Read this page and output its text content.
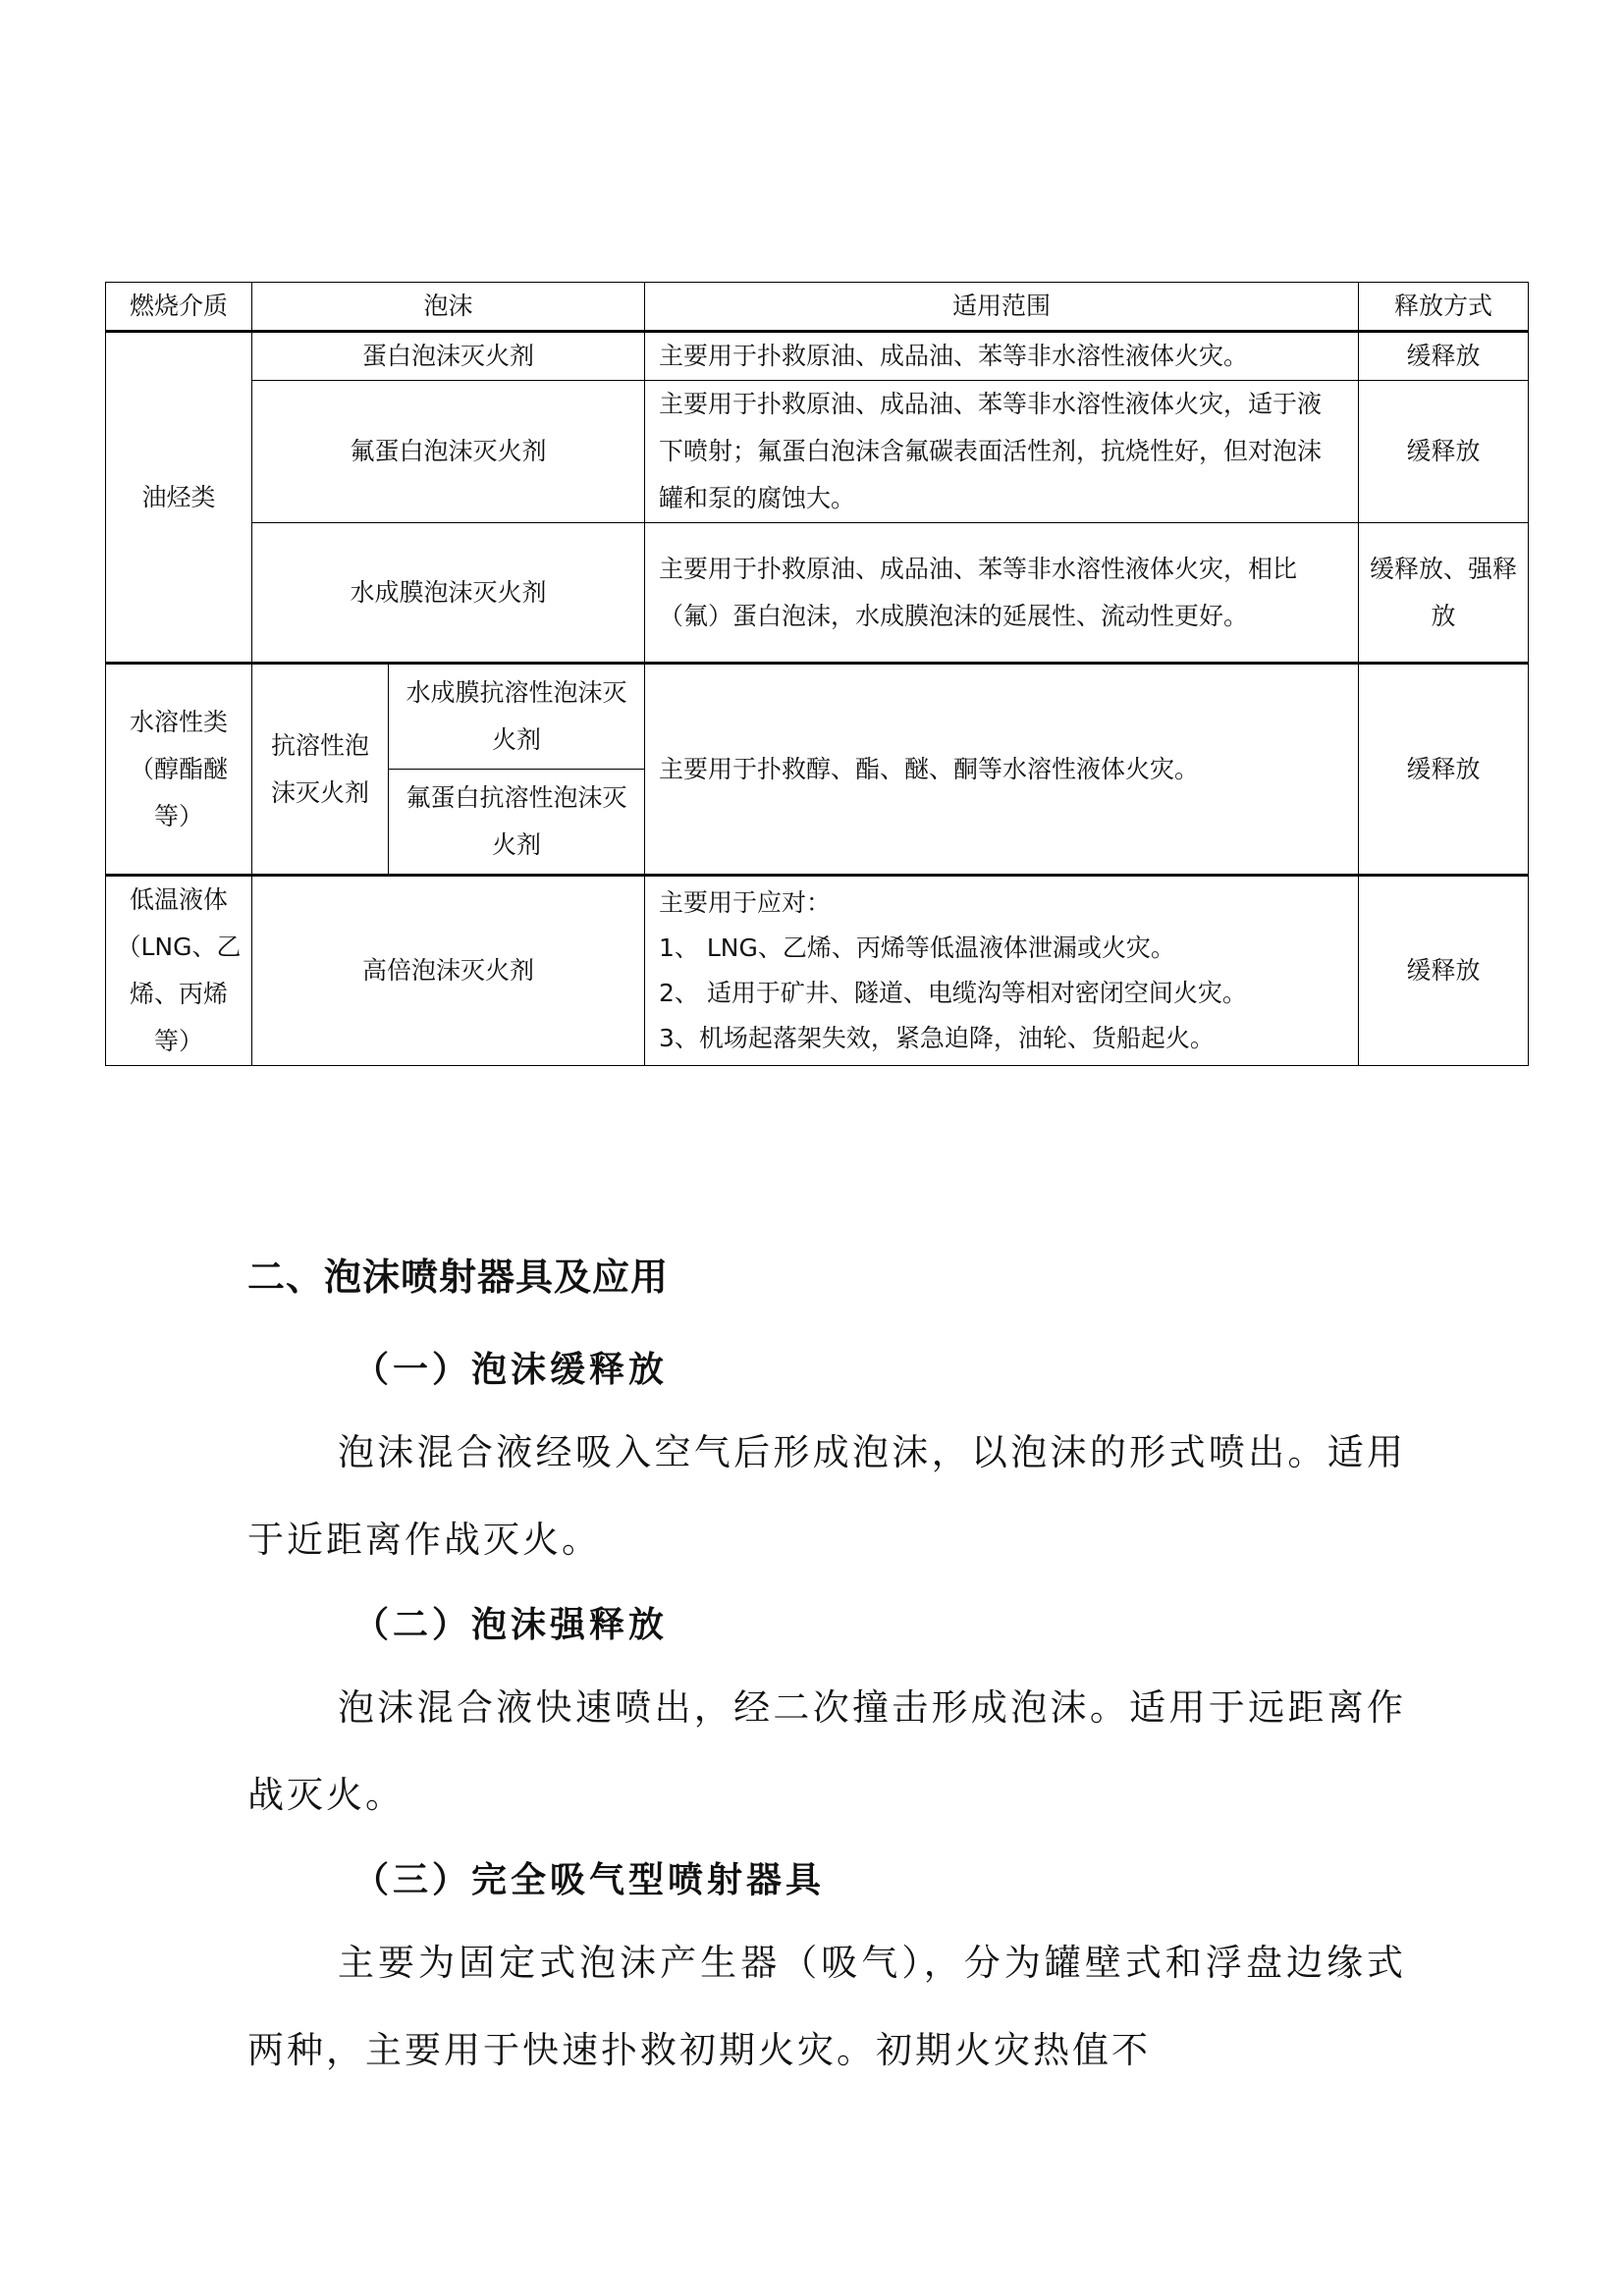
燃烧介质	泡沫		适用范围	释放方式
油烃类	蛋白泡沫灭火剂		主要用于扑救原油、成品油、苯等非水溶性液体火灾。	缓释放
	氟蛋白泡沫灭火剂		主要用于扑救原油、成品油、苯等非水溶性液体火灾，适于液下喷射；氟蛋白泡沫含氟碳表面活性剂，抗烧性好，但对泡沫罐和泵的腐蚀大。	缓释放
	水成膜泡沫灭火剂		主要用于扑救原油、成品油、苯等非水溶性液体火灾，相比（氟）蛋白泡沫，水成膜泡沫的延展性、流动性更好。	缓释放、强释放
水溶性类（醇酯醚等）	抗溶性泡沫灭火剂	水成膜抗溶性泡沫灭火剂	主要用于扑救醇、酯、醚、酮等水溶性液体火灾。	缓释放
		氟蛋白抗溶性泡沫灭火剂		
低温液体（LNG、乙烯、丙烯等）	高倍泡沫灭火剂		主要用于应对：
1、 LNG、乙烯、丙烯等低温液体泄漏或火灾。
2、 适用于矿井、隧道、电缆沟等相对密闭空间火灾。
3、机场起落架失效，紧急迫降，油轮、货船起火。	缓释放
二、泡沫喷射器具及应用
（一）泡沫缓释放
泡沫混合液经吸入空气后形成泡沫，以泡沫的形式喷出。适用于近距离作战灭火。
（二）泡沫强释放
泡沫混合液快速喷出，经二次撞击形成泡沫。适用于远距离作战灭火。
（三）完全吸气型喷射器具
主要为固定式泡沫产生器（吸气），分为罐壁式和浮盘边缘式两种，主要用于快速扑救初期火灾。初期火灾热值不
